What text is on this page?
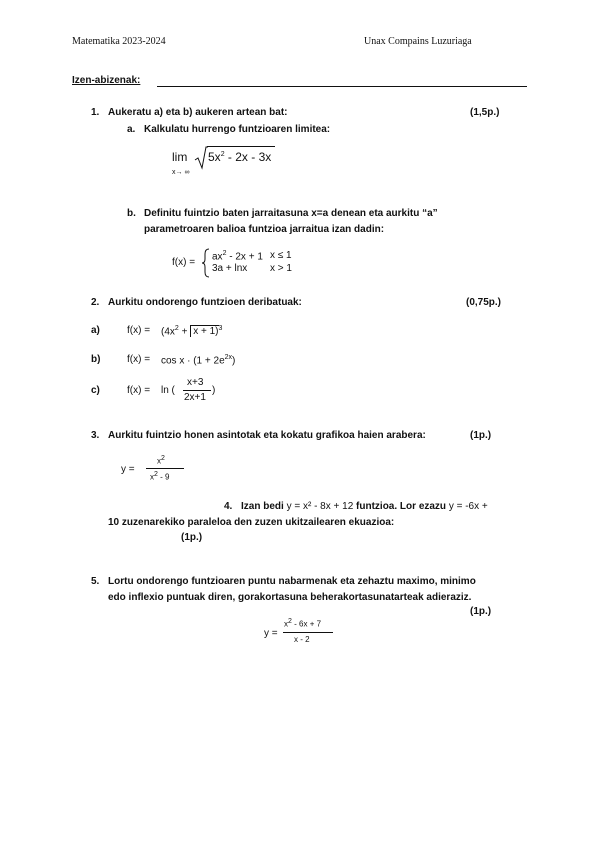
Matematika 2023-2024	Unax Compains Luzuriaga
Izen-abizenak:
1. Aukeratu a) eta b) aukeren artean bat:	(1,5p.)
a. Kalkulatu hurrengo funtzioaren limitea:
lim
x→ ∞
$5x^2 - 2x - 3x$
b. Definitu fuintzio baten jarraitasuna x=a denean eta aurkitu “a”
parametroaren balioa funtzioa jarraitua izan dadin:
f(x) =
$ax^2 - 2x + 1$ x ≤ 1
3a + lnx x > 1
2. Aurkitu ondorengo funtzioen deribatuak:	(0,75p.)
a)	$f(x) = (4x^2 + x + 1)^3$
b)	$f(x) = \cos x \cdot (1 + 2e^{2x})$
c)	f(x) = ln (
x+3
2x+1
)
3. Aurkitu fuintzio honen asintotak eta kokatu grafikoa haien arabera:	(1p.)
y =
$x^2$
$x^2 - 9$
4. Izan bedi y = x² - 8x + 12 funtzioa. Lor ezazu y = -6x +
10 zuzenarekiko paraleloa den zuzen ukitzailearen ekuazioa:
(1p.)
5. Lortu ondorengo funtzioaren puntu nabarmenak eta zehaztu maximo, minimo
edo inflexio puntuak diren, gorakortasuna beherakortasunatarteak adieraziz.
(1p.)
y =
$x^2 - 6x + 7$
x - 2
